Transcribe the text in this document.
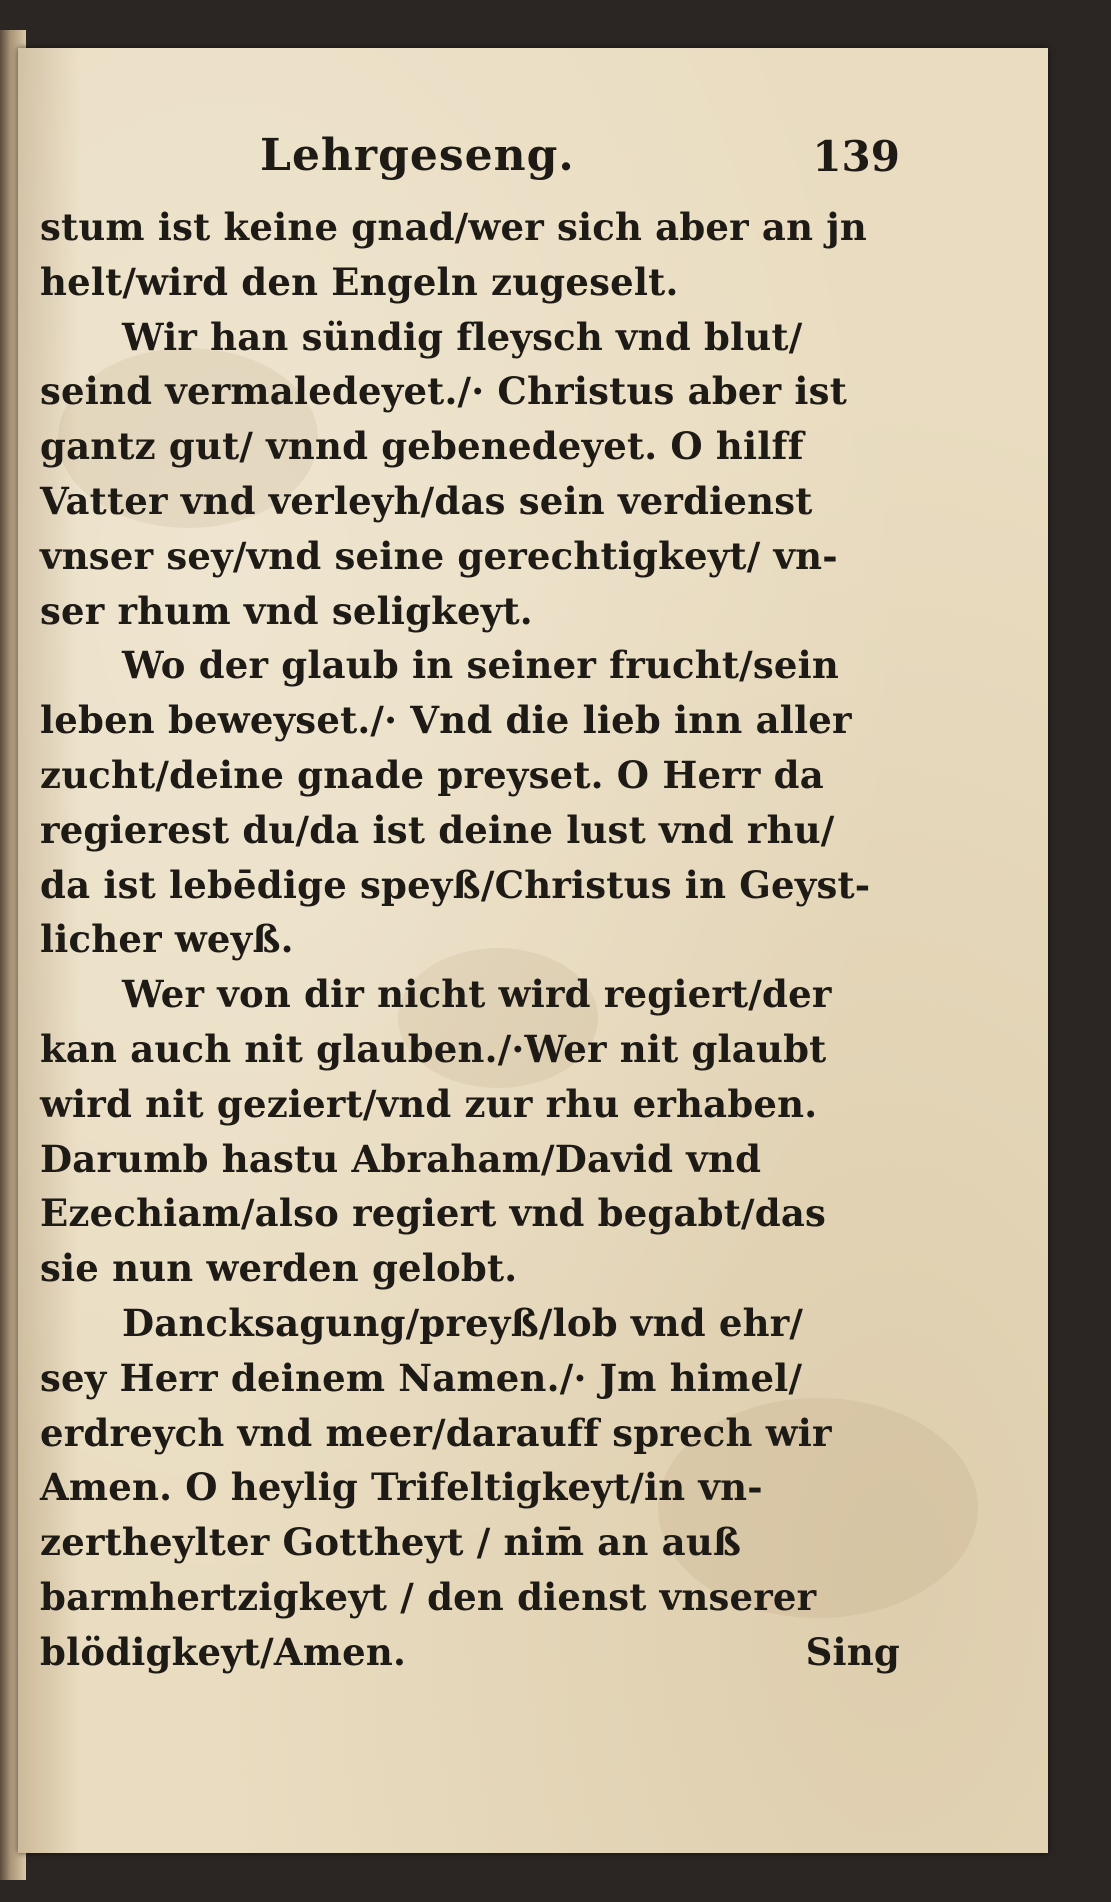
Lehrgeseng.	139
stum ist keine gnad/wer sich aber an jn
helt/wird den Engeln zugeselt.
Wir han sündig fleysch vnd blut/
seind vermaledeyet./· Christus aber ist
gantz gut/ vnnd gebenedeyet. O hilff
Vatter vnd verleyh/das sein verdienst
vnser sey/vnd seine gerechtigkeyt/ vn-
ser rhum vnd seligkeyt.
Wo der glaub in seiner frucht/sein
leben beweyset./· Vnd die lieb inn aller
zucht/deine gnade preyset. O Herr da
regierest du/da ist deine lust vnd rhu/
da ist lebēdige speyß/Christus in Geyst-
licher weyß.
Wer von dir nicht wird regiert/der
kan auch nit glauben./·Wer nit glaubt
wird nit geziert/vnd zur rhu erhaben.
Darumb hastu Abraham/David vnd
Ezechiam/also regiert vnd begabt/das
sie nun werden gelobt.
Dancksagung/preyß/lob vnd ehr/
sey Herr deinem Namen./· Jm himel/
erdreych vnd meer/darauff sprech wir
Amen. O heylig Trifeltigkeyt/in vn-
zertheylter Gottheyt / nim̄ an auß
barmhertzigkeyt / den dienst vnserer
blödigkeyt/Amen.	Sing
